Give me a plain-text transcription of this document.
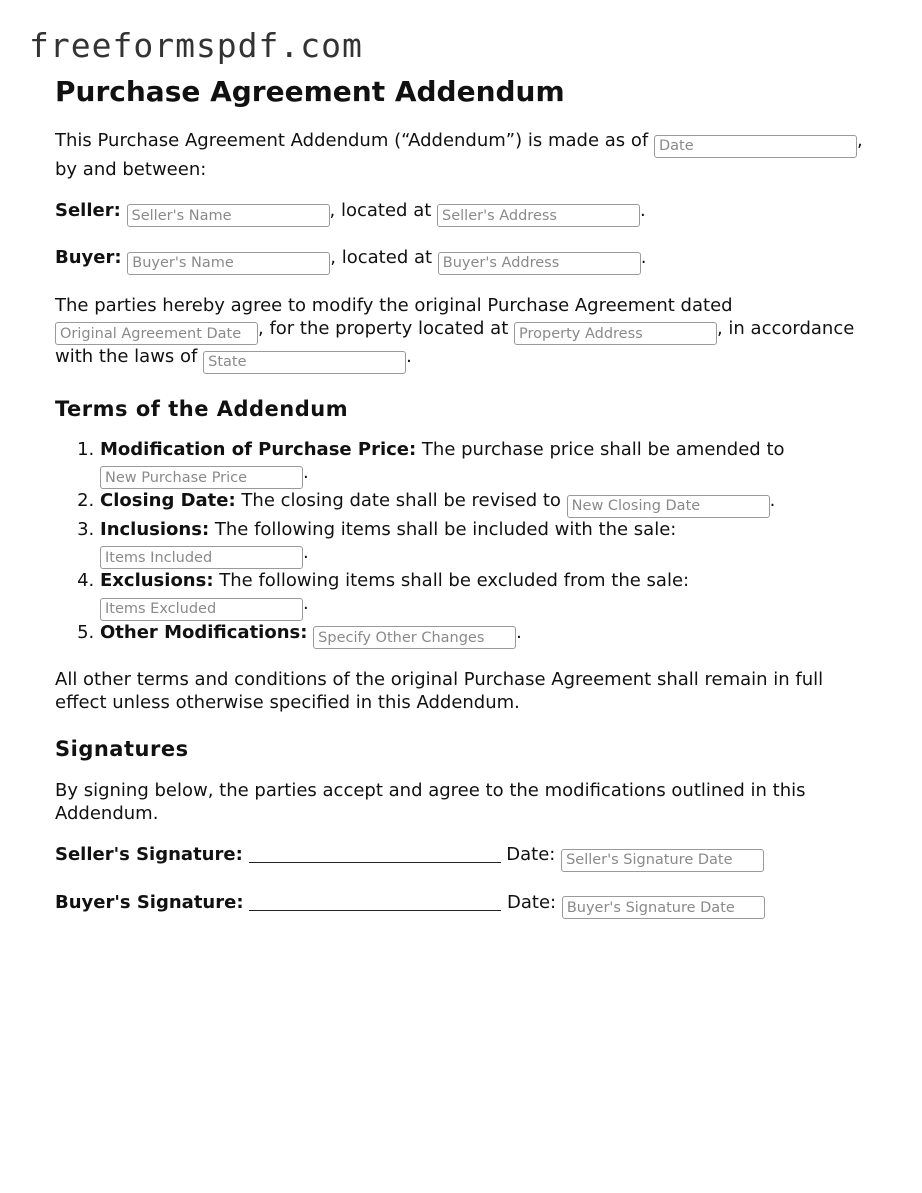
freeformspdf.com
Purchase Agreement Addendum

This Purchase Agreement Addendum (“Addendum”) is made as of Date	,
by and between:

Seller: Seller's Name	, located at Seller's Address	.

Buyer: Buyer's Name	, located at Buyer's Address	.

The parties hereby agree to modify the original Purchase Agreement dated
Original Agreement Date, for the property located at Property Address	, in accordance
with the laws of State	.

Terms of the Addendum
1. Modification of Purchase Price: The purchase price shall be amended to
New Purchase Price.
2. Closing Date: The closing date shall be revised to New Closing Date	.
3. Inclusions: The following items shall be included with the sale:
Items Included.
4. Exclusions: The following items shall be excluded from the sale:
Items Excluded.
5. Other Modifications: Specify Other Changes	.

All other terms and conditions of the original Purchase Agreement shall remain in full effect unless otherwise specified in this Addendum.

Signatures

By signing below, the parties accept and agree to the modifications outlined in this Addendum.

Seller's Signature:	Date: Seller's Signature Date

Buyer's Signature:	Date: Buyer's Signature Date
